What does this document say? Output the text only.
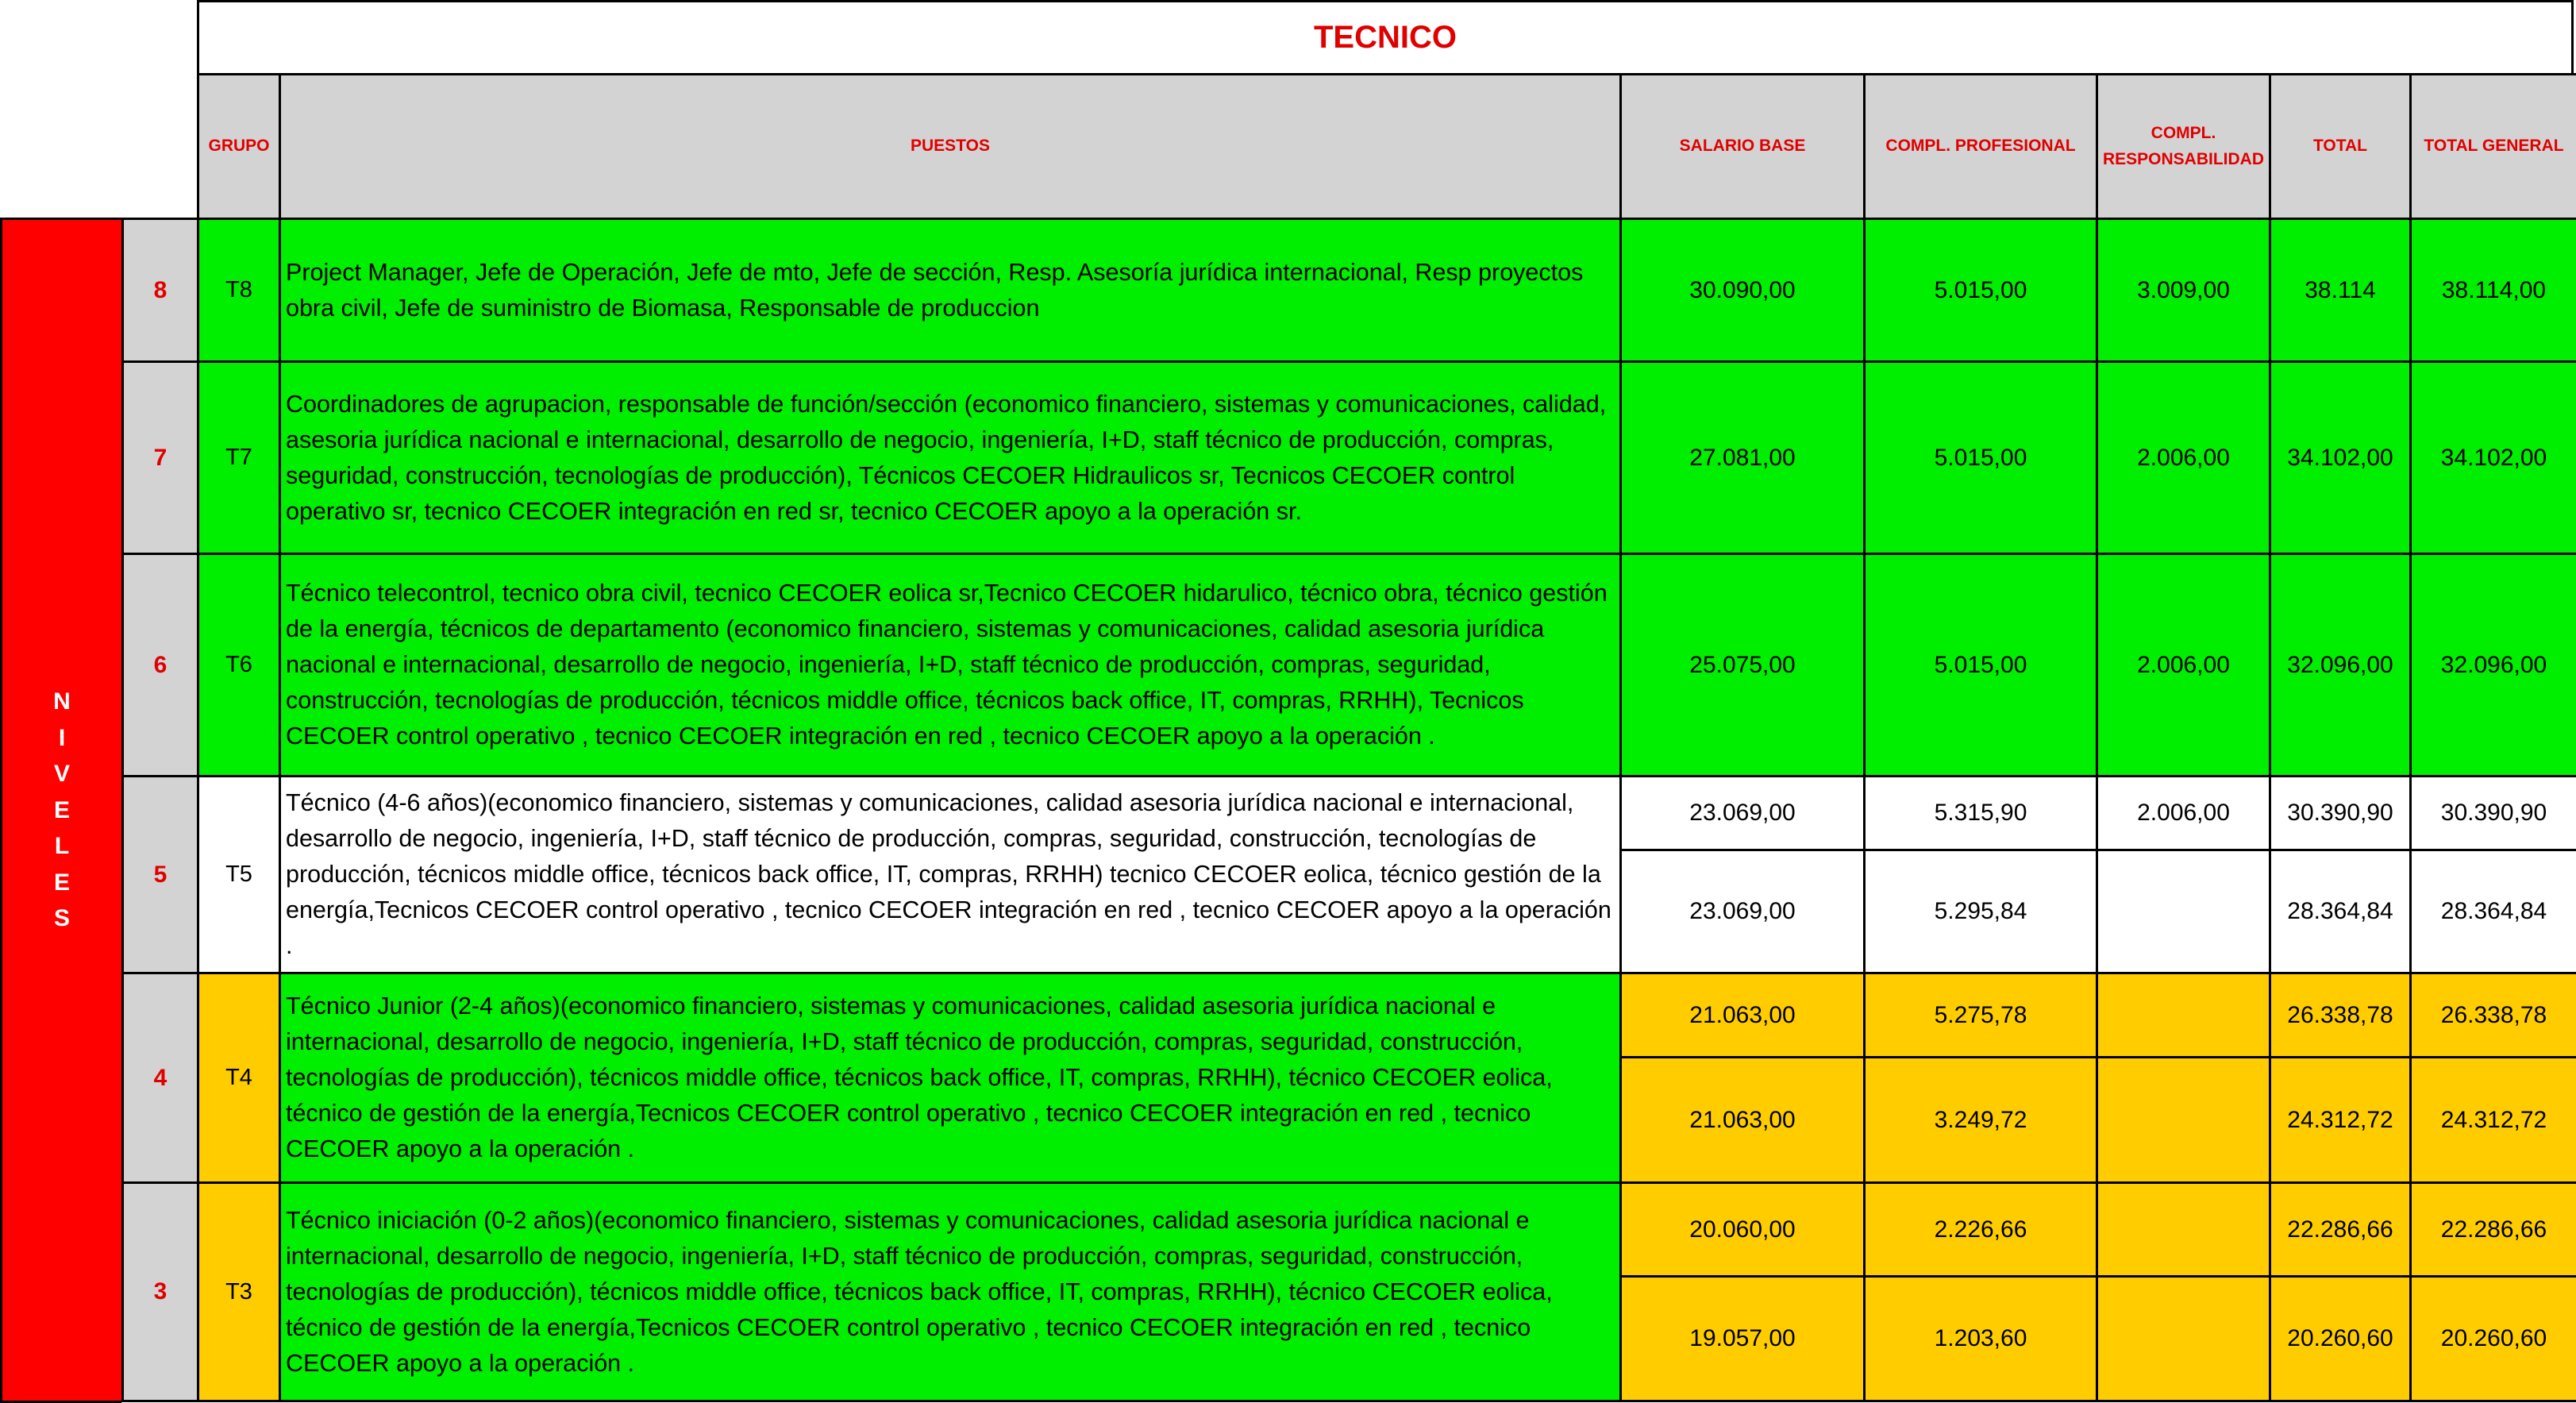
TECNICO
N
I
V
E
L
E
S
	GRUPO	PUESTOS	SALARIO BASE	COMPL. PROFESIONAL	COMPL.
RESPONSABILIDAD	TOTAL	TOTAL GENERAL
8	T8	Project Manager, Jefe de Operación, Jefe de mto, Jefe de sección, Resp. Asesoría jurídica internacional, Resp proyectos obra civil, Jefe de suministro de Biomasa, Responsable de produccion	30.090,00	5.015,00	3.009,00	38.114	38.114,00
7	T7	Coordinadores de agrupacion, responsable de función/sección (economico financiero, sistemas y comunicaciones, calidad, asesoria jurídica nacional e internacional, desarrollo de negocio, ingeniería, I+D, staff técnico de producción, compras, seguridad, construcción, tecnologías de producción), Técnicos CECOER Hidraulicos sr, Tecnicos CECOER control operativo sr, tecnico CECOER integración en red sr, tecnico CECOER apoyo a la operación sr.	27.081,00	5.015,00	2.006,00	34.102,00	34.102,00
6	T6	Técnico telecontrol, tecnico obra civil, tecnico CECOER eolica sr,Tecnico CECOER hidarulico, técnico obra, técnico gestión de la energía, técnicos de departamento (economico financiero, sistemas y comunicaciones, calidad asesoria jurídica nacional e internacional, desarrollo de negocio, ingeniería, I+D, staff técnico de producción, compras, seguridad, construcción, tecnologías de producción, técnicos middle office, técnicos back office, IT, compras, RRHH), Tecnicos CECOER control operativo , tecnico CECOER integración en red , tecnico CECOER apoyo a la operación .	25.075,00	5.015,00	2.006,00	32.096,00	32.096,00
5	T5	Técnico (4-6 años)(economico financiero, sistemas y comunicaciones, calidad asesoria jurídica nacional e internacional, desarrollo de negocio, ingeniería, I+D, staff técnico de producción, compras, seguridad, construcción, tecnologías de producción, técnicos middle office, técnicos back office, IT, compras, RRHH) tecnico CECOER eolica, técnico gestión de la energía,Tecnicos CECOER control operativo , tecnico CECOER integración en red , tecnico CECOER apoyo a la operación .	23.069,00	5.315,90	2.006,00	30.390,90	30.390,90
			23.069,00	5.295,84		28.364,84	28.364,84
4	T4	Técnico Junior (2-4 años)(economico financiero, sistemas y comunicaciones, calidad asesoria jurídica nacional e internacional, desarrollo de negocio, ingeniería, I+D, staff técnico de producción, compras, seguridad, construcción, tecnologías de producción), técnicos middle office, técnicos back office, IT, compras, RRHH), técnico CECOER eolica, técnico de gestión de la energía,Tecnicos CECOER control operativo , tecnico CECOER integración en red , tecnico CECOER apoyo a la operación .	21.063,00	5.275,78		26.338,78	26.338,78
			21.063,00	3.249,72		24.312,72	24.312,72
3	T3	Técnico iniciación (0-2 años)(economico financiero, sistemas y comunicaciones, calidad asesoria jurídica nacional e internacional, desarrollo de negocio, ingeniería, I+D, staff técnico de producción, compras, seguridad, construcción, tecnologías de producción), técnicos middle office, técnicos back office, IT, compras, RRHH), técnico CECOER eolica, técnico de gestión de la energía,Tecnicos CECOER control operativo , tecnico CECOER integración en red , tecnico CECOER apoyo a la operación .	20.060,00	2.226,66		22.286,66	22.286,66
			19.057,00	1.203,60		20.260,60	20.260,60
